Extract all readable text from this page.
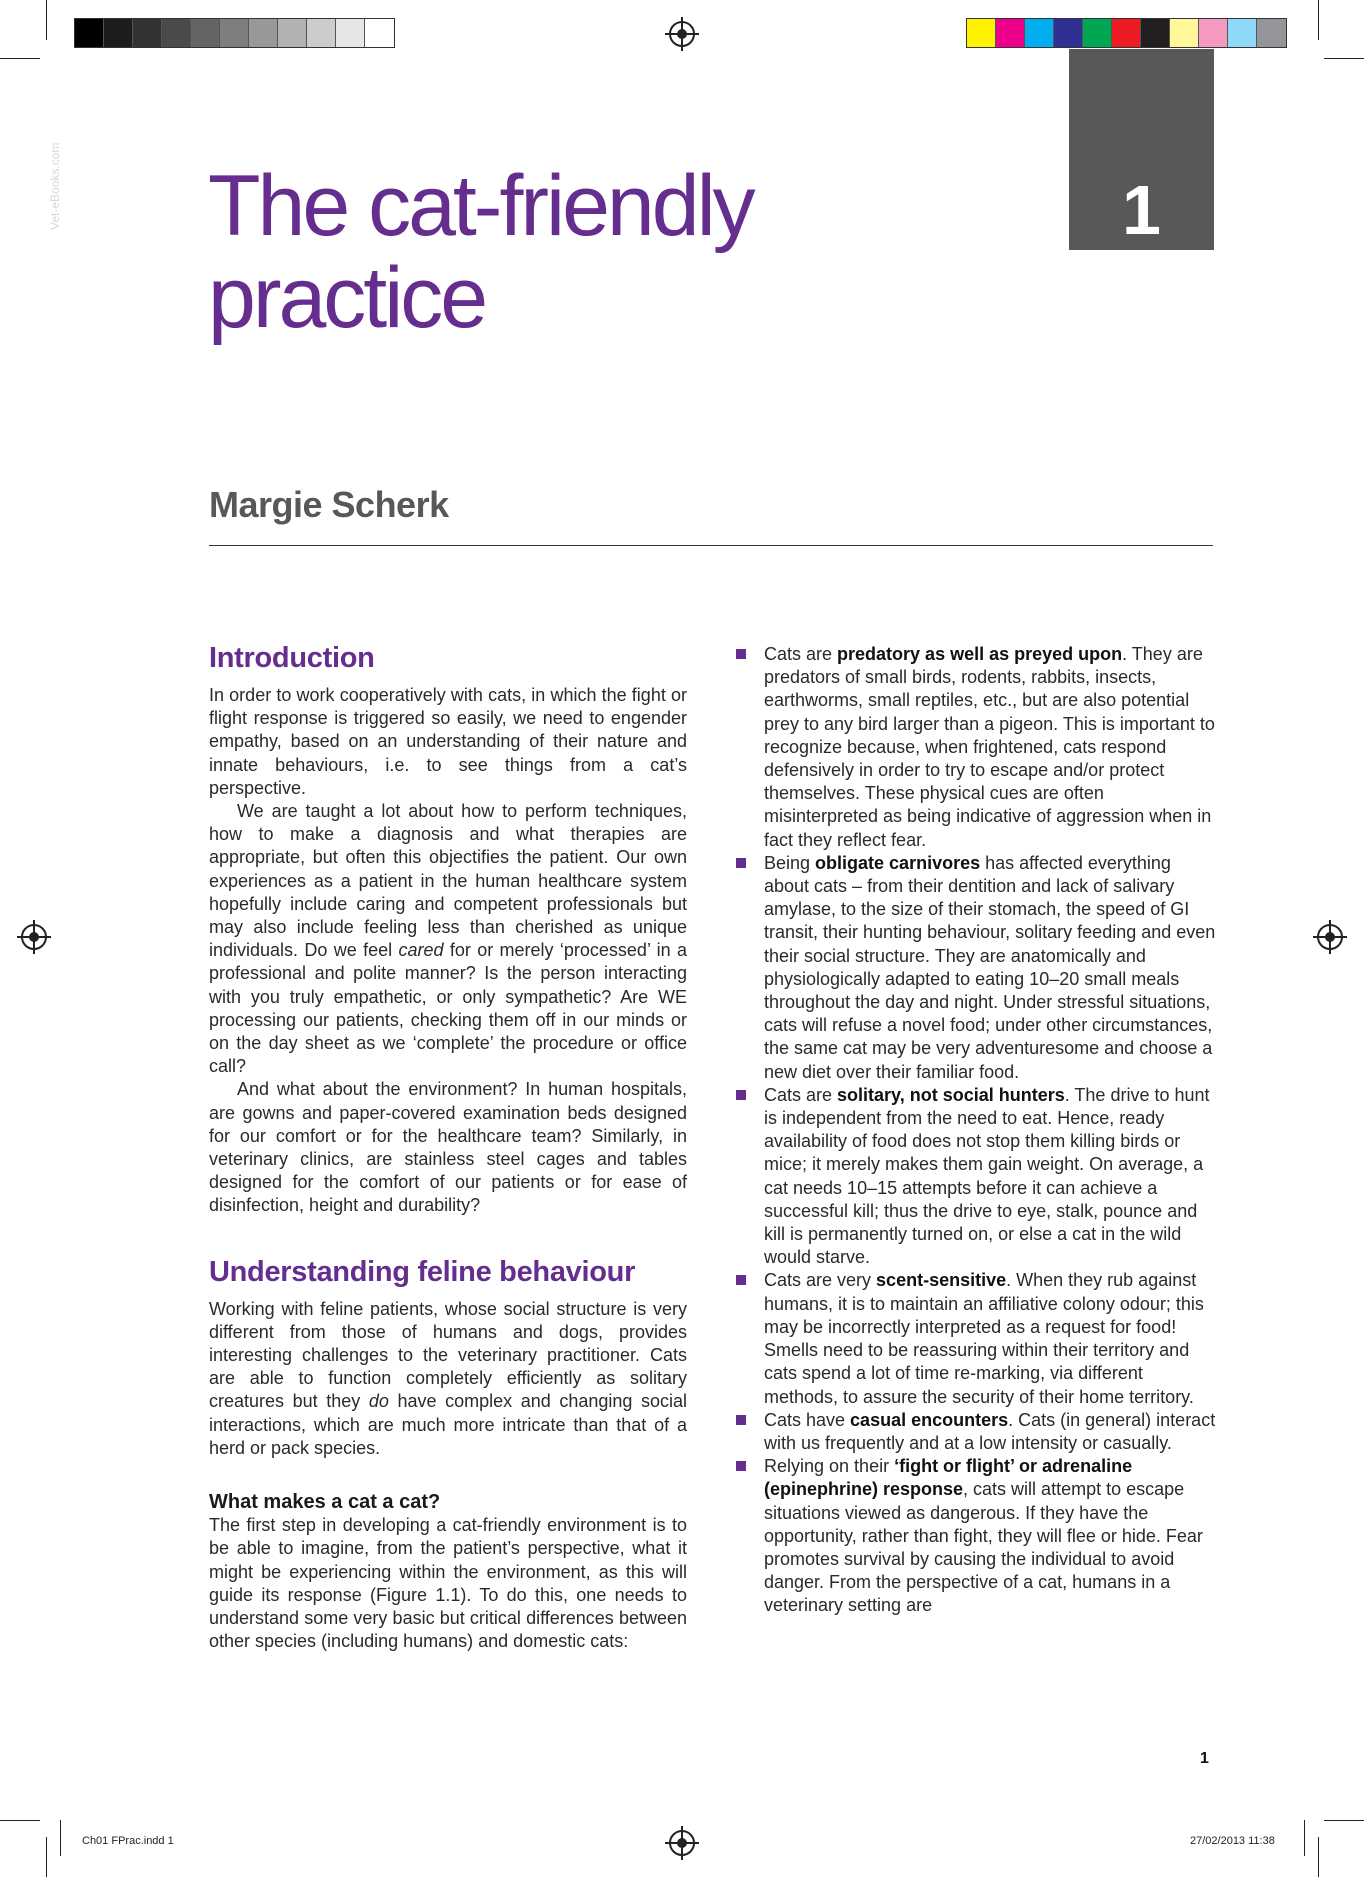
Vet-eBooks.com	1
The cat-friendly
practice
Margie Scherk
Introduction

In order to work cooperatively with cats, in which the fight or flight response is triggered so easily, we need to engender empathy, based on an understanding of their nature and innate behaviours, i.e. to see things from a cat’s perspective.

We are taught a lot about how to perform techniques, how to make a diagnosis and what therapies are appropriate, but often this objectifies the patient. Our own experiences as a patient in the human healthcare system hopefully include caring and competent professionals but may also include feeling less than cherished as unique individuals. Do we feel cared for or merely ‘processed’ in a professional and polite manner? Is the person interacting with you truly empathetic, or only sympathetic? Are WE processing our patients, checking them off in our minds or on the day sheet as we ‘complete’ the procedure or office call?

And what about the environment? In human hospitals, are gowns and paper-covered examination beds designed for our comfort or for the healthcare team? Similarly, in veterinary clinics, are stainless steel cages and tables designed for the comfort of our patients or for ease of disinfection, height and durability?

Understanding feline behaviour

Working with feline patients, whose social structure is very different from those of humans and dogs, provides interesting challenges to the veterinary practitioner. Cats are able to function completely efficiently as solitary creatures but they do have complex and changing social interactions, which are much more intricate than that of a herd or pack species.

What makes a cat a cat?

The first step in developing a cat-friendly environment is to be able to imagine, from the patient’s perspective, what it might be experiencing within the environment, as this will guide its response (Figure 1.1). To do this, one needs to understand some very basic but critical differences between other species (including humans) and domestic cats:

Cats are predatory as well as preyed upon. They are predators of small birds, rodents, rabbits, insects, earthworms, small reptiles, etc., but are also potential prey to any bird larger than a pigeon. This is important to recognize because, when frightened, cats respond defensively in order to try to escape and/or protect themselves. These physical cues are often misinterpreted as being indicative of aggression when in fact they reflect fear.
Being obligate carnivores has affected everything about cats – from their dentition and lack of salivary amylase, to the size of their stomach, the speed of GI transit, their hunting behaviour, solitary feeding and even their social structure. They are anatomically and physiologically adapted to eating 10–20 small meals throughout the day and night. Under stressful situations, cats will refuse a novel food; under other circumstances, the same cat may be very adventuresome and choose a new diet over their familiar food.
Cats are solitary, not social hunters. The drive to hunt is independent from the need to eat. Hence, ready availability of food does not stop them killing birds or mice; it merely makes them gain weight. On average, a cat needs 10–15 attempts before it can achieve a successful kill; thus the drive to eye, stalk, pounce and kill is permanently turned on, or else a cat in the wild would starve.
Cats are very scent-sensitive. When they rub against humans, it is to maintain an affiliative colony odour; this may be incorrectly interpreted as a request for food! Smells need to be reassuring within their territory and cats spend a lot of time re-marking, via different methods, to assure the security of their home territory.
Cats have casual encounters. Cats (in general) interact with us frequently and at a low intensity or casually.
Relying on their ‘fight or flight’ or adrenaline (epinephrine) response, cats will attempt to escape situations viewed as dangerous. If they have the opportunity, rather than fight, they will flee or hide. Fear promotes survival by causing the individual to avoid danger. From the perspective of a cat, humans in a veterinary setting are
1
Ch01 FPrac.indd 1	27/02/2013 11:38
